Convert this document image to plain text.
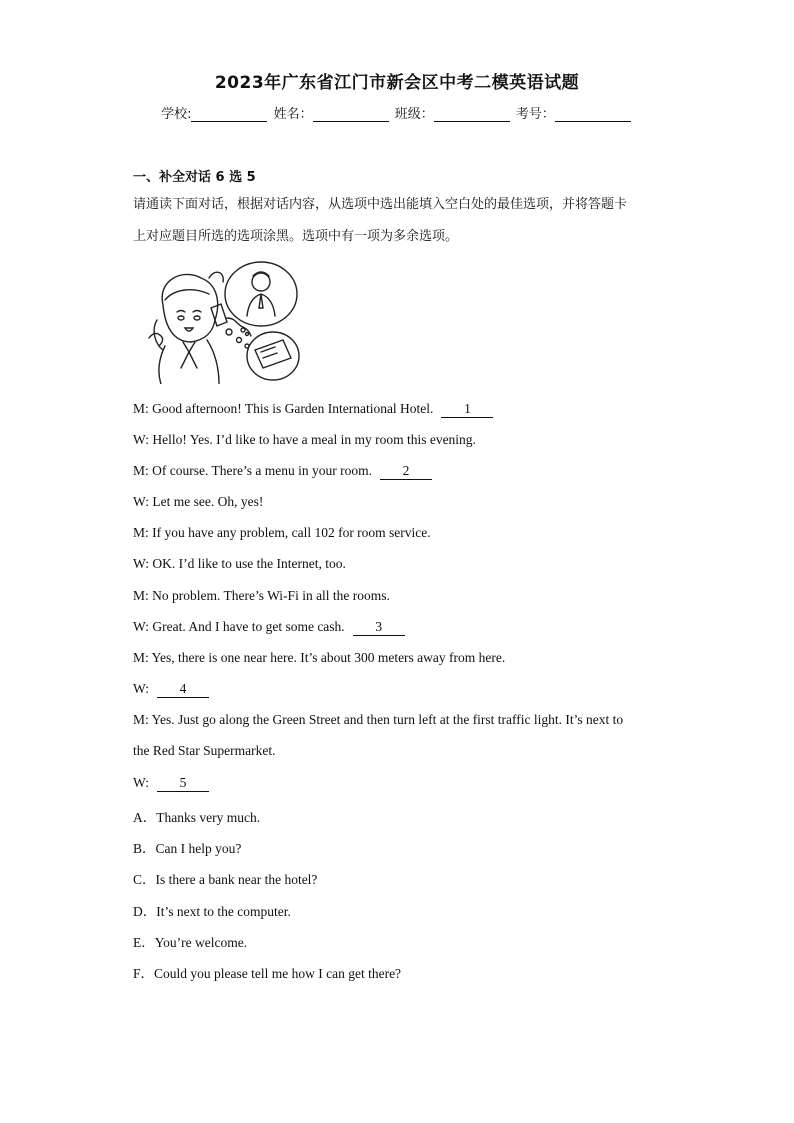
2023年广东省江门市新会区中考二模英语试题
学校:	姓名：	班级：	考号：
一、补全对话 6 选 5
请通读下面对话，根据对话内容，从选项中选出能填入空白处的最佳选项，并将答题卡
上对应题目所选的选项涂黑。选项中有一项为多余选项。
M: Good afternoon! This is Garden International Hotel. 1
W: Hello! Yes. I’d like to have a meal in my room this evening.
M: Of course. There’s a menu in your room. 2
W: Let me see. Oh, yes!
M: If you have any problem, call 102 for room service.
W: OK. I’d like to use the Internet, too.
M: No problem. There’s Wi-Fi in all the rooms.
W: Great. And I have to get some cash. 3
M: Yes, there is one near here. It’s about 300 meters away from here.
W: 4
M: Yes. Just go along the Green Street and then turn left at the first traffic light. It’s next to
the Red Star Supermarket.
W: 5
A．Thanks very much.
B．Can I help you?
C．Is there a bank near the hotel?
D．It’s next to the computer.
E．You’re welcome.
F．Could you please tell me how I can get there?
